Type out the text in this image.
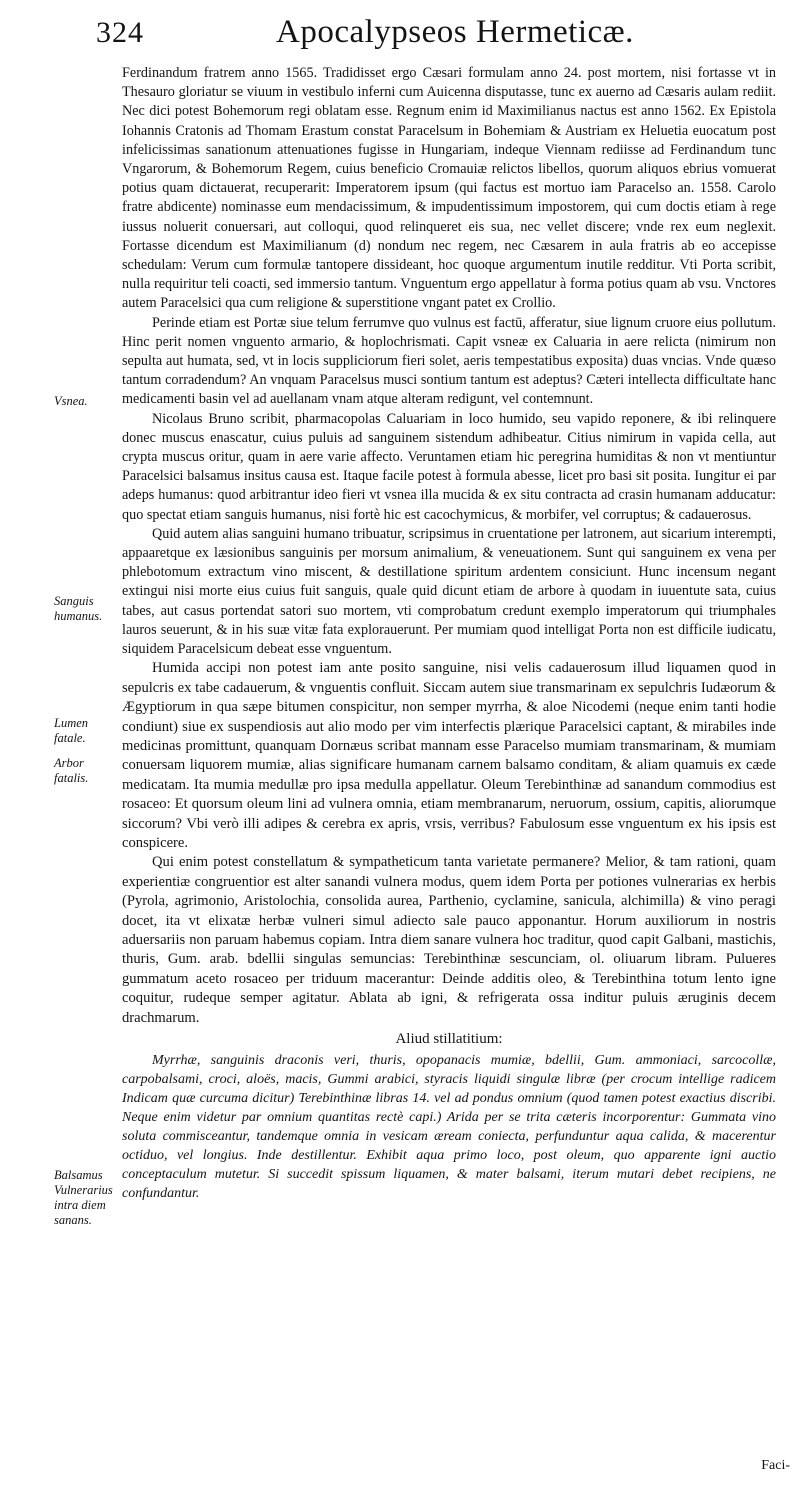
324	Apocalypseos Hermeticæ.
Vsnea.
Sanguis humanus.
Lumen fatale.
Arbor fatalis.
Balsamus Vulnerarius intra diem sanans.

Ferdinandum fratrem anno 1565. Tradidisset ergo Cæsari formulam anno 24. post mortem, nisi fortasse vt in Thesauro gloriatur se viuum in vestibulo inferni cum Auicenna disputasse, tunc ex auerno ad Cæsaris aulam rediit. Nec dici potest Bohemorum regi oblatam esse. Regnum enim id Maximilianus nactus est anno 1562. Ex Epistola Iohannis Cratonis ad Thomam Erastum constat Paracelsum in Bohemiam & Austriam ex Heluetia euocatum post infelicissimas sanationum attenuationes fugisse in Hungariam, indeque Viennam rediisse ad Ferdinandum tunc Vngarorum, & Bohemorum Regem, cuius beneficio Cromauiæ relictos libellos, quorum aliquos ebrius vomuerat potius quam dictauerat, recuperarit: Imperatorem ipsum (qui factus est mortuo iam Paracelso an. 1558. Carolo fratre abdicente) nominasse eum mendacissimum, & impudentissimum impostorem, qui cum doctis etiam à rege iussus noluerit conuersari, aut colloqui, quod relinqueret eis sua, nec vellet discere; vnde rex eum neglexit. Fortasse dicendum est Maximilianum (d) nondum nec regem, nec Cæsarem in aula fratris ab eo accepisse schedulam: Verum cum formulæ tantopere dissideant, hoc quoque argumentum inutile redditur. Vti Porta scribit, nulla requiritur teli coacti, sed immersio tantum. Vnguentum ergo appellatur à forma potius quam ab vsu. Vnctores autem Paracelsici qua cum religione & superstitione vngant patet ex Crollio.

Perinde etiam est Portæ siue telum ferrumve quo vulnus est factū, afferatur, siue lignum cruore eius pollutum. Hinc perit nomen vnguento armario, & hoplochrismati. Capit vsneæ ex Caluaria in aere relicta (nimirum non sepulta aut humata, sed, vt in locis suppliciorum fieri solet, aeris tempestatibus exposita) duas vncias. Vnde quæso tantum corradendum? An vnquam Paracelsus musci sontium tantum est adeptus? Cæteri intellecta difficultate hanc medicamenti basin vel ad auellanam vnam atque alteram redigunt, vel contemnunt.

Nicolaus Bruno scribit, pharmacopolas Caluariam in loco humido, seu vapido reponere, & ibi relinquere donec muscus enascatur, cuius puluis ad sanguinem sistendum adhibeatur. Citius nimirum in vapida cella, aut crypta muscus oritur, quam in aere varie affecto. Veruntamen etiam hic peregrina humiditas & non vt mentiuntur Paracelsici balsamus insitus causa est. Itaque facile potest à formula abesse, licet pro basi sit posita. Iungitur ei par adeps humanus: quod arbitrantur ideo fieri vt vsnea illa mucida & ex situ contracta ad crasin humanam adducatur: quo spectat etiam sanguis humanus, nisi fortè hic est cacochymicus, & morbifer, vel corruptus; & cadauerosus.

Quid autem alias sanguini humano tribuatur, scripsimus in cruentatione per latronem, aut sicarium interempti, appaaretque ex læsionibus sanguinis per morsum animalium, & veneuationem. Sunt qui sanguinem ex vena per phlebotomum extractum vino miscent, & destillatione spiritum ardentem consiciunt. Hunc incensum negant extingui nisi morte eius cuius fuit sanguis, quale quid dicunt etiam de arbore à quodam in iuuentute sata, cuius tabes, aut casus portendat satori suo mortem, vti comprobatum credunt exemplo imperatorum qui triumphales lauros seuerunt, & in his suæ vitæ fata explorauerunt. Per mumiam quod intelligat Porta non est difficile iudicatu, siquidem Paracelsicum debeat esse vnguentum.

Humida accipi non potest iam ante posito sanguine, nisi velis cadauerosum illud liquamen quod in sepulcris ex tabe cadauerum, & vnguentis confluit. Siccam autem siue transmarinam ex sepulchris Iudæorum & Ægyptiorum in qua sæpe bitumen conspicitur, non semper myrrha, & aloe Nicodemi (neque enim tanti hodie condiunt) siue ex suspendiosis aut alio modo per vim interfectis plærique Paracelsici captant, & mirabiles inde medicinas promittunt, quanquam Dornæus scribat mannam esse Paracelso mumiam transmarinam, & mumiam conuersam liquorem mumiæ, alias significare humanam carnem balsamo conditam, & aliam quamuis ex cæde medicatam. Ita mumia medullæ pro ipsa medulla appellatur. Oleum Terebinthinæ ad sanandum commodius est rosaceo: Et quorsum oleum lini ad vulnera omnia, etiam membranarum, neruorum, ossium, capitis, aliorumque siccorum? Vbi verò illi adipes & cerebra ex apris, vrsis, verribus? Fabulosum esse vnguentum ex his ipsis est conspicere.

Qui enim potest constellatum & sympatheticum tanta varietate permanere? Melior, & tam rationi, quam experientiæ congruentior est alter sanandi vulnera modus, quem idem Porta per potiones vulnerarias ex herbis (Pyrola, agrimonio, Aristolochia, consolida aurea, Parthenio, cyclamine, sanicula, alchimilla) & vino peragi docet, ita vt elixatæ herbæ vulneri simul adiecto sale pauco apponantur. Horum auxiliorum in nostris aduersariis non paruam habemus copiam. Intra diem sanare vulnera hoc traditur, quod capit Galbani, mastichis, thuris, Gum. arab. bdellii singulas semuncias: Terebinthinæ sescunciam, ol. oliuarum libram. Pulueres gummatum aceto rosaceo per triduum macerantur: Deinde additis oleo, & Terebinthina totum lento igne coquitur, rudeque semper agitatur. Ablata ab igni, & refrigerata ossa inditur puluis æruginis decem drachmarum.

Aliud stillatitium:

Myrrhæ, sanguinis draconis veri, thuris, opopanacis mumiæ, bdellii, Gum. ammoniaci, sarcocollæ, carpobalsami, croci, aloës, macis, Gummi arabici, styracis liquidi singulæ libræ (per crocum intellige radicem Indicam quæ curcuma dicitur) Terebinthinæ libras 14. vel ad pondus omnium (quod tamen potest exactius discribi. Neque enim videtur par omnium quantitas rectè capi.) Arida per se trita cæteris incorporentur: Gummata vino soluta commisceantur, tandemque omnia in vesicam æream coniecta, perfunduntur aqua calida, & macerentur octiduo, vel longius. Inde destillentur. Exhibit aqua primo loco, post oleum, quo apparente igni auctio conceptaculum mutetur. Si succedit spissum liquamen, & mater balsami, iterum mutari debet recipiens, ne confundantur.

Faci-
